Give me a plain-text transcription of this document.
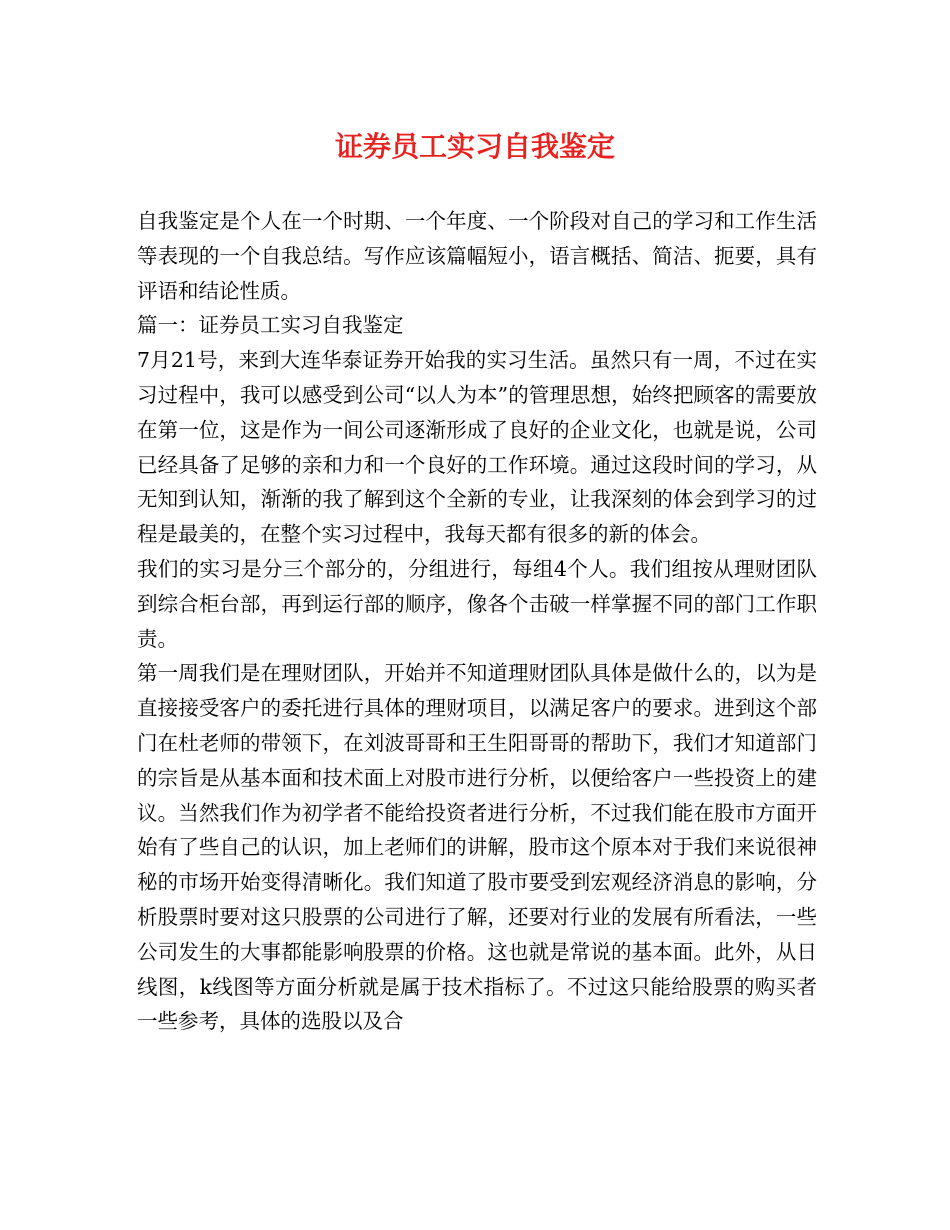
证券员工实习自我鉴定

自我鉴定是个人在一个时期、一个年度、一个阶段对自己的学习和工作生活等表现的一个自我总结。写作应该篇幅短小，语言概括、简洁、扼要，具有评语和结论性质。

篇一：证券员工实习自我鉴定

7月21号，来到大连华泰证券开始我的实习生活。虽然只有一周，不过在实习过程中，我可以感受到公司“以人为本”的管理思想，始终把顾客的需要放在第一位，这是作为一间公司逐渐形成了良好的企业文化，也就是说，公司已经具备了足够的亲和力和一个良好的工作环境。通过这段时间的学习，从无知到认知，渐渐的我了解到这个全新的专业，让我深刻的体会到学习的过程是最美的，在整个实习过程中，我每天都有很多的新的体会。

我们的实习是分三个部分的，分组进行，每组4个人。我们组按从理财团队到综合柜台部，再到运行部的顺序，像各个击破一样掌握不同的部门工作职责。

第一周我们是在理财团队，开始并不知道理财团队具体是做什么的，以为是直接接受客户的委托进行具体的理财项目，以满足客户的要求。进到这个部门在杜老师的带领下，在刘波哥哥和王生阳哥哥的帮助下，我们才知道部门的宗旨是从基本面和技术面上对股市进行分析，以便给客户一些投资上的建议。当然我们作为初学者不能给投资者进行分析，不过我们能在股市方面开始有了些自己的认识，加上老师们的讲解，股市这个原本对于我们来说很神秘的市场开始变得清晰化。我们知道了股市要受到宏观经济消息的影响，分析股票时要对这只股票的公司进行了解，还要对行业的发展有所看法，一些公司发生的大事都能影响股票的价格。这也就是常说的基本面。此外，从日线图，k线图等方面分析就是属于技术指标了。不过这只能给股票的购买者一些参考，具体的选股以及合
